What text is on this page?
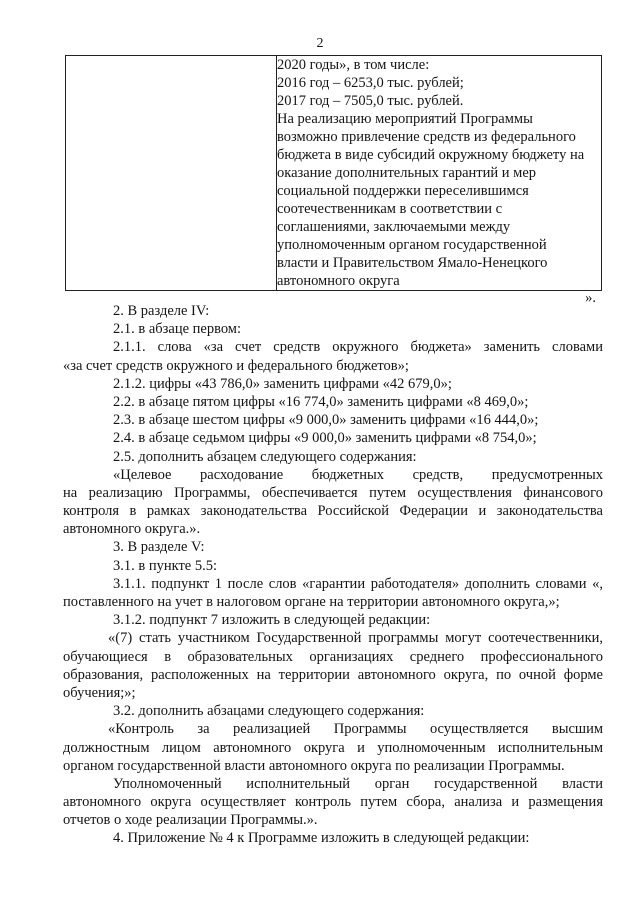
2

2020 годы», в том числе:
2016 год – 6253,0 тыс. рублей;
2017 год – 7505,0 тыс. рублей.
На реализацию мероприятий Программы
возможно привлечение средств из федерального
бюджета в виде субсидий окружному бюджету на
оказание дополнительных гарантий и мер
социальной поддержки переселившимся
соотечественникам в соответствии с
соглашениями, заключаемыми между
уполномоченным органом государственной
власти и Правительством Ямало-Ненецкого
автономного округа
».
2. В разделе IV:
2.1. в абзаце первом:
2.1.1. слова «за счет средств окружного бюджета» заменить словами
«за счет средств окружного и федерального бюджетов»;
2.1.2. цифры «43 786,0» заменить цифрами «42 679,0»;
2.2. в абзаце пятом цифры «16 774,0» заменить цифрами «8 469,0»;
2.3. в абзаце шестом цифры «9 000,0» заменить цифрами «16 444,0»;
2.4. в абзаце седьмом цифры «9 000,0» заменить цифрами «8 754,0»;
2.5. дополнить абзацем следующего содержания:
«Целевое расходование бюджетных средств, предусмотренных
на реализацию Программы, обеспечивается путем осуществления финансового
контроля в рамках законодательства Российской Федерации и законодательства
автономного округа.».
3. В разделе V:
3.1. в пункте 5.5:
3.1.1. подпункт 1 после слов «гарантии работодателя» дополнить словами «,
поставленного на учет в налоговом органе на территории автономного округа,»;
3.1.2. подпункт 7 изложить в следующей редакции:
«(7) стать участником Государственной программы могут соотечественники,
обучающиеся в образовательных организациях среднего профессионального
образования, расположенных на территории автономного округа, по очной форме
обучения;»;
3.2. дополнить абзацами следующего содержания:
«Контроль за реализацией Программы осуществляется высшим
должностным лицом автономного округа и уполномоченным исполнительным
органом государственной власти автономного округа по реализации Программы.
Уполномоченный исполнительный орган государственной власти
автономного округа осуществляет контроль путем сбора, анализа и размещения
отчетов о ходе реализации Программы.».
4. Приложение № 4 к Программе изложить в следующей редакции:
